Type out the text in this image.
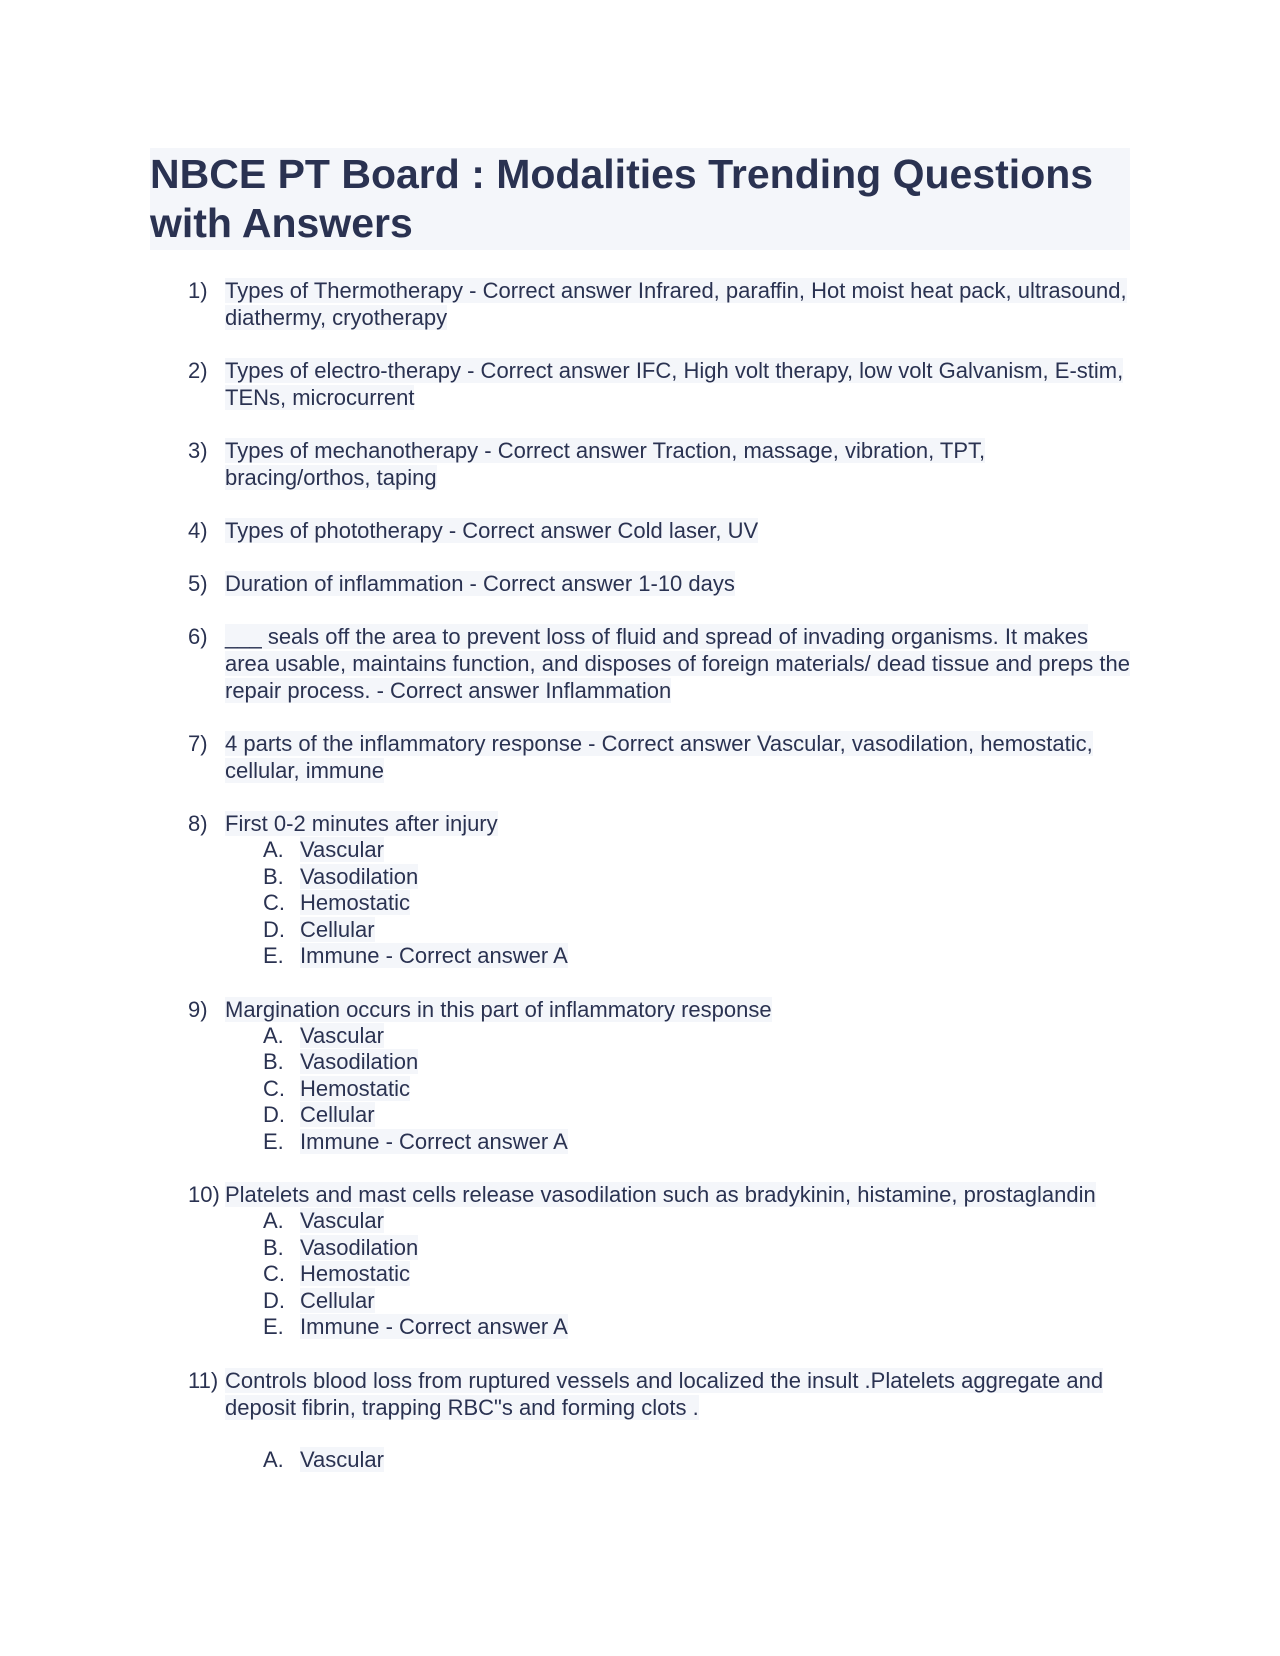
NBCE PT Board : Modalities Trending Questions with Answers
1) Types of Thermotherapy - Correct answer Infrared, paraffin, Hot moist heat pack, ultrasound, diathermy, cryotherapy
2) Types of electro-therapy - Correct answer IFC, High volt therapy, low volt Galvanism, E-stim, TENs, microcurrent
3) Types of mechanotherapy - Correct answer Traction, massage, vibration, TPT, bracing/orthos, taping
4) Types of phototherapy - Correct answer Cold laser, UV
5) Duration of inflammation - Correct answer 1-10 days
6) ___ seals off the area to prevent loss of fluid and spread of invading organisms. It makes area usable, maintains function, and disposes of foreign materials/ dead tissue and preps the repair process. - Correct answer Inflammation
7) 4 parts of the inflammatory response - Correct answer Vascular, vasodilation, hemostatic, cellular, immune
8) First 0-2 minutes after injury
A. Vascular
B. Vasodilation
C. Hemostatic
D. Cellular
E. Immune - Correct answer A
9) Margination occurs in this part of inflammatory response
A. Vascular
B. Vasodilation
C. Hemostatic
D. Cellular
E. Immune - Correct answer A
10) Platelets and mast cells release vasodilation such as bradykinin, histamine, prostaglandin
A. Vascular
B. Vasodilation
C. Hemostatic
D. Cellular
E. Immune - Correct answer A
11) Controls blood loss from ruptured vessels and localized the insult .Platelets aggregate and deposit fibrin, trapping RBC"s and forming clots .
A. Vascular
